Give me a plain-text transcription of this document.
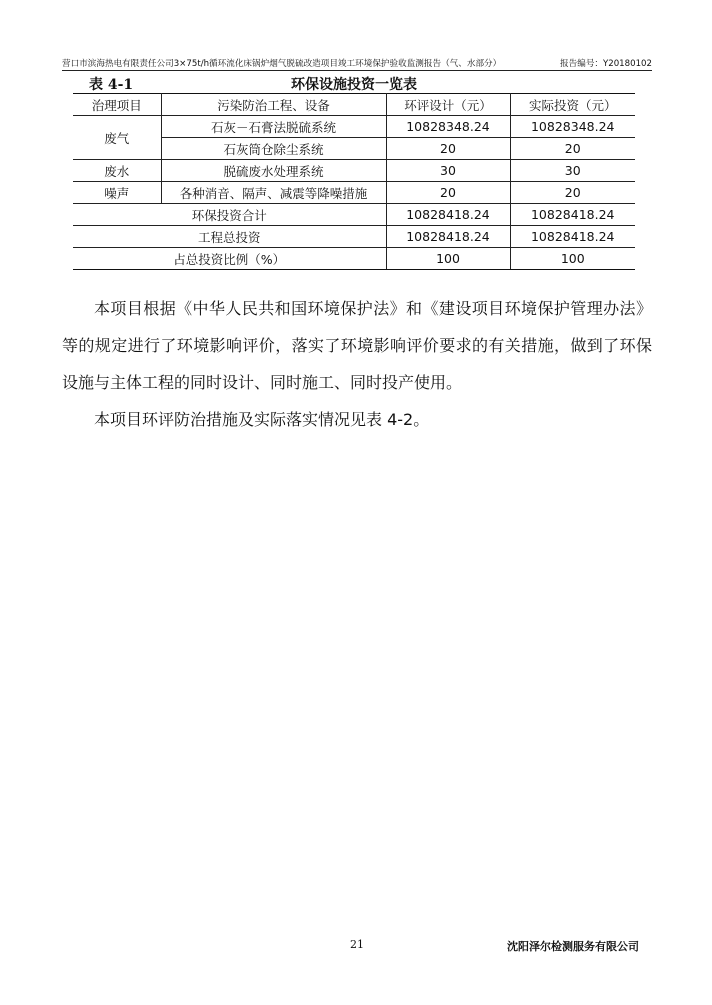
营口市滨海热电有限责任公司3×75t/h循环流化床锅炉烟气脱硫改造项目竣工环境保护验收监测报告（气、水部分）	报告编号：Y20180102
表 4-1	环保设施投资一览表
治理项目	污染防治工程、设备	环评设计（元）	实际投资（元）
废气	石灰－石膏法脱硫系统	10828348.24	10828348.24
	石灰筒仓除尘系统	20	20
废水	脱硫废水处理系统	30	30
噪声	各种消音、隔声、减震等降噪措施	20	20
环保投资合计		10828418.24	10828418.24
工程总投资		10828418.24	10828418.24
占总投资比例（%）		100	100

本项目根据《中华人民共和国环境保护法》和《建设项目环境保护管理办法》等的规定进行了环境影响评价，落实了环境影响评价要求的有关措施，做到了环保设施与主体工程的同时设计、同时施工、同时投产使用。

本项目环评防治措施及实际落实情况见表 4-2。

21	沈阳泽尔检测服务有限公司
